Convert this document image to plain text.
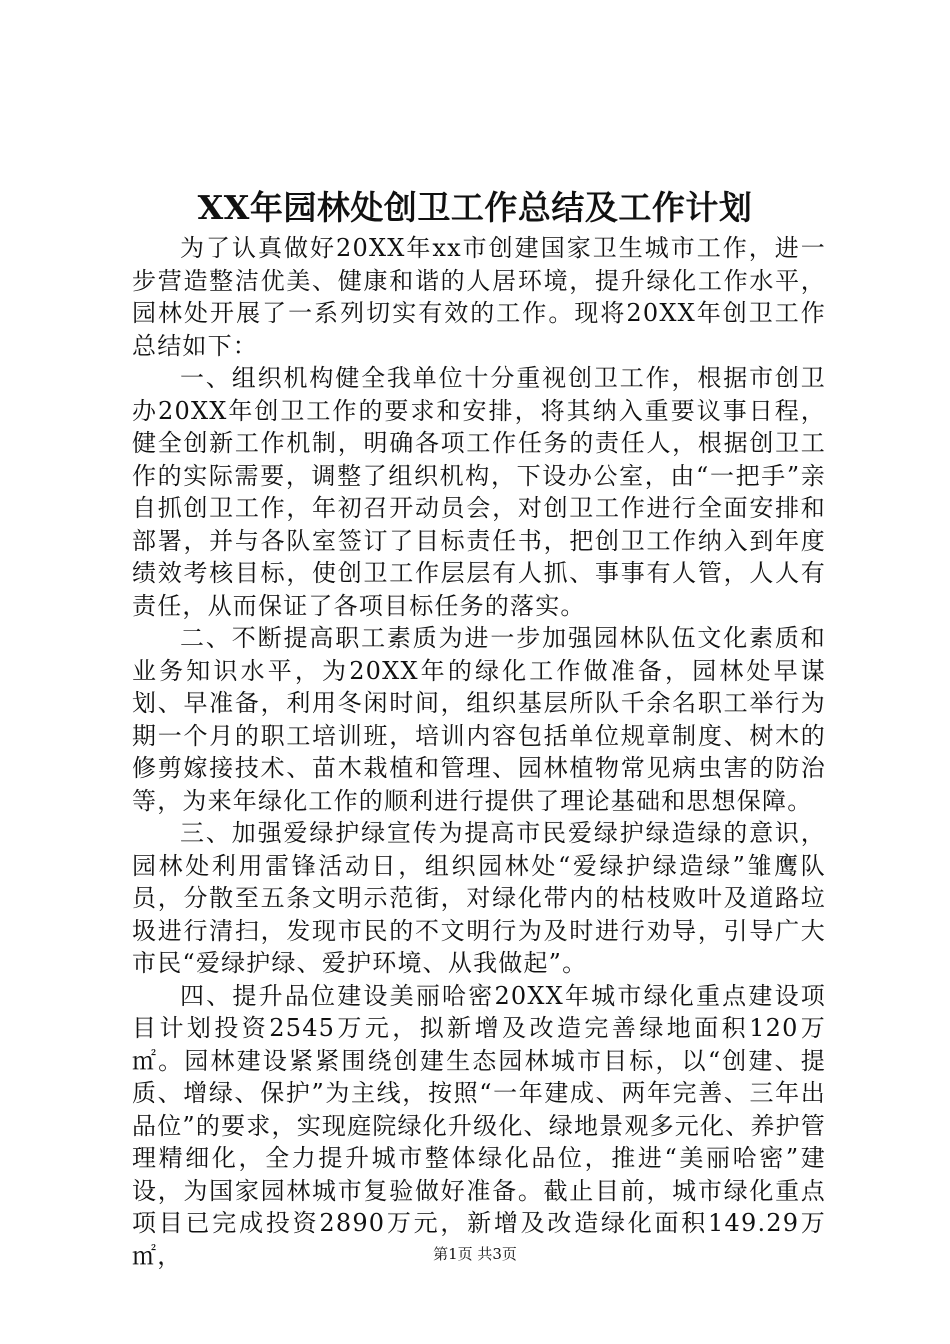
XX年园林处创卫工作总结及工作计划

为了认真做好20XX年xx市创建国家卫生城市工作，进一步营造整洁优美、健康和谐的人居环境，提升绿化工作水平，园林处开展了一系列切实有效的工作。现将20XX年创卫工作总结如下：

一、组织机构健全我单位十分重视创卫工作，根据市创卫办20XX年创卫工作的要求和安排，将其纳入重要议事日程，健全创新工作机制，明确各项工作任务的责任人，根据创卫工作的实际需要，调整了组织机构，下设办公室，由“一把手”亲自抓创卫工作，年初召开动员会，对创卫工作进行全面安排和部署，并与各队室签订了目标责任书，把创卫工作纳入到年度绩效考核目标，使创卫工作层层有人抓、事事有人管，人人有责任，从而保证了各项目标任务的落实。

二、不断提高职工素质为进一步加强园林队伍文化素质和业务知识水平，为20XX年的绿化工作做准备，园林处早谋划、早准备，利用冬闲时间，组织基层所队千余名职工举行为期一个月的职工培训班，培训内容包括单位规章制度、树木的修剪嫁接技术、苗木栽植和管理、园林植物常见病虫害的防治等，为来年绿化工作的顺利进行提供了理论基础和思想保障。

三、加强爱绿护绿宣传为提高市民爱绿护绿造绿的意识，园林处利用雷锋活动日，组织园林处“爱绿护绿造绿”雏鹰队员，分散至五条文明示范街，对绿化带内的枯枝败叶及道路垃圾进行清扫，发现市民的不文明行为及时进行劝导，引导广大市民“爱绿护绿、爱护环境、从我做起”。

四、提升品位建设美丽哈密20XX年城市绿化重点建设项目计划投资2545万元，拟新增及改造完善绿地面积120万㎡。园林建设紧紧围绕创建生态园林城市目标，以“创建、提质、增绿、保护”为主线，按照“一年建成、两年完善、三年出品位”的要求，实现庭院绿化升级化、绿地景观多元化、养护管理精细化，全力提升城市整体绿化品位，推进“美丽哈密”建设，为国家园林城市复验做好准备。截止目前，城市绿化重点项目已完成投资2890万元，新增及改造绿化面积149.29万㎡，	第1页 共3页
